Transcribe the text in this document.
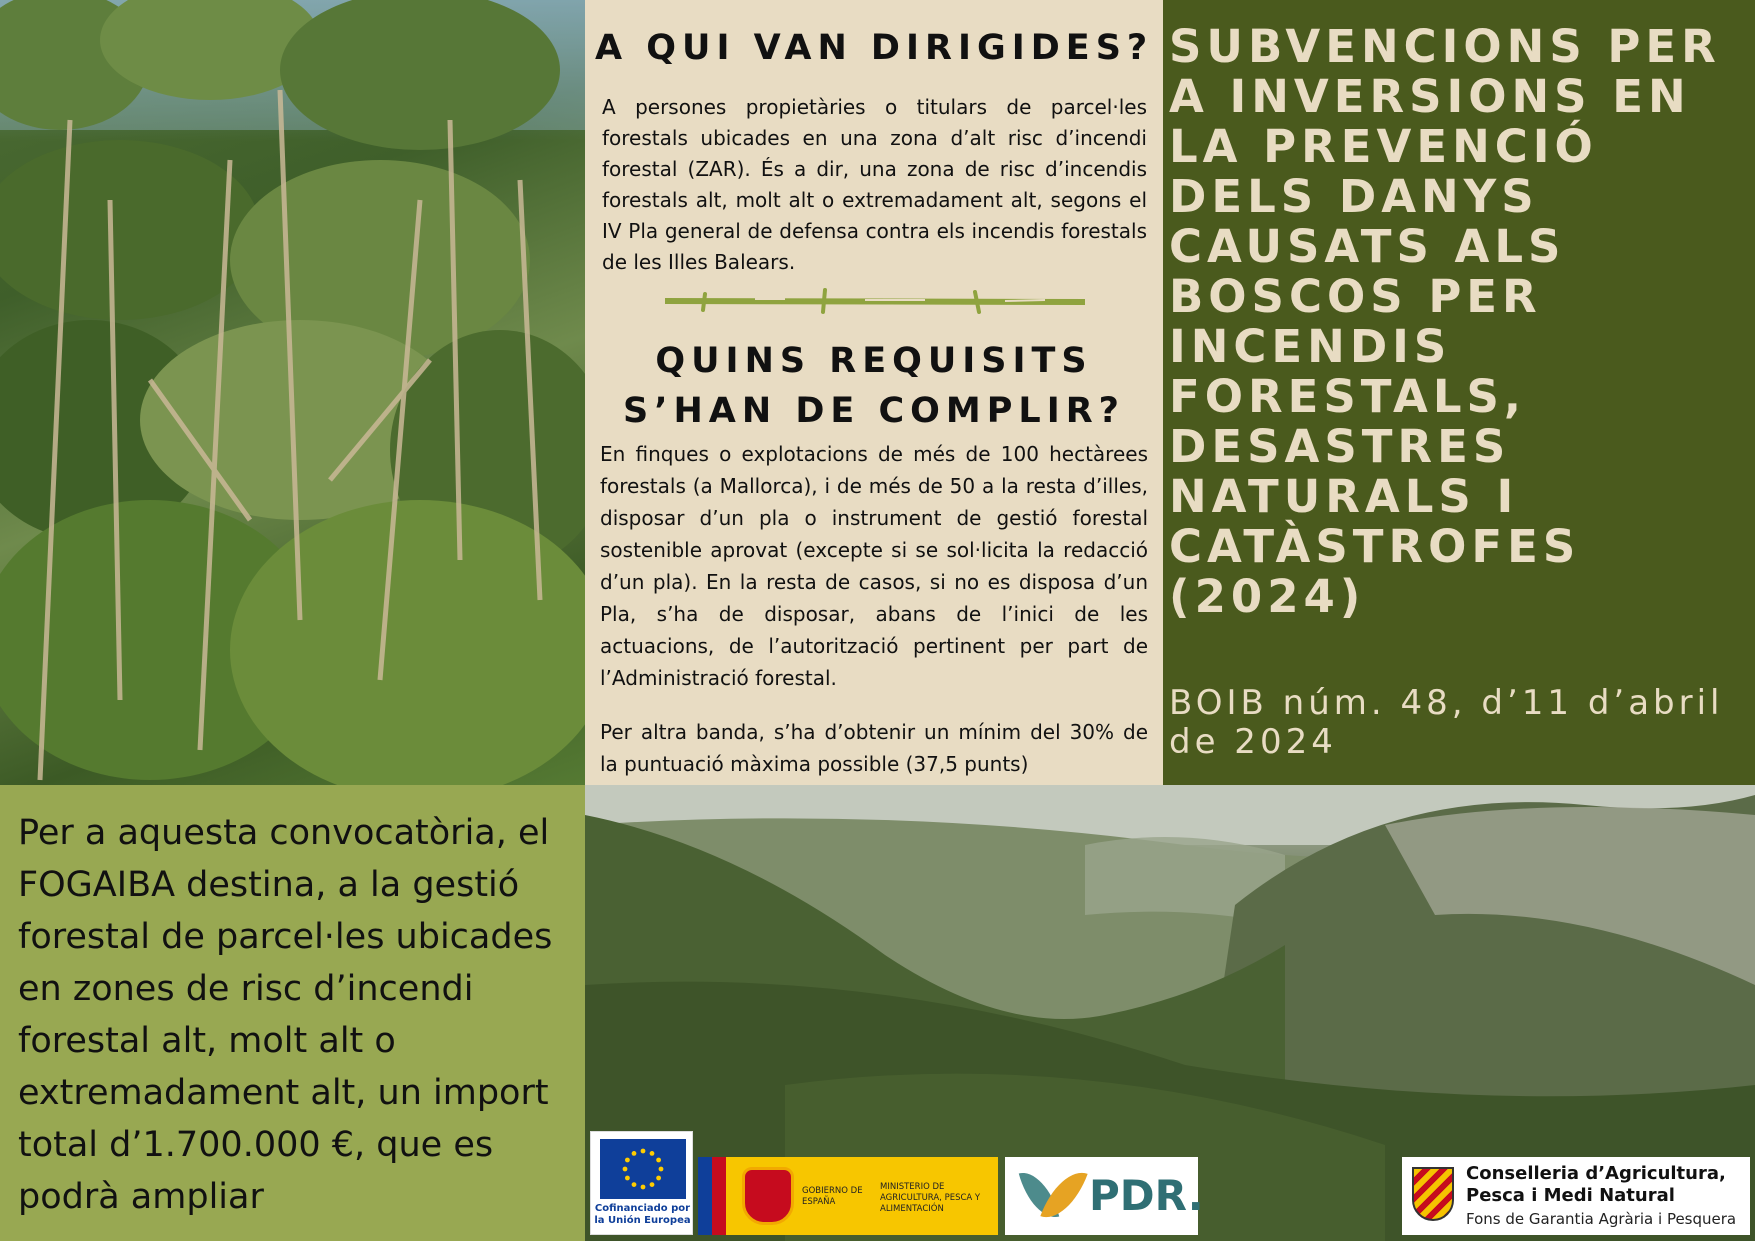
A QUI VAN DIRIGIDES?

A persones propietàries o titulars de parcel·les forestals ubicades en una zona d’alt risc d’incendi forestal (ZAR). És a dir, una zona de risc d’incendis forestals alt, molt alt o extremadament alt, segons el IV Pla general de defensa contra els incendis forestals de les Illes Balears.

QUINS REQUISITS
S’HAN DE COMPLIR?

En finques o explotacions de més de 100 hectàrees forestals (a Mallorca), i de més de 50 a la resta d’illes, disposar d’un pla o instrument de gestió forestal sostenible aprovat (excepte si se sol·licita la redacció d’un pla). En la resta de casos, si no es disposa d’un Pla, s’ha de disposar, abans de l’inici de les actuacions, de l’autorització pertinent per part de l’Administració forestal.

Per altra banda, s’ha d’obtenir un mínim del 30% de la puntuació màxima possible (37,5 punts)

SUBVENCIONS PER A INVERSIONS EN LA PREVENCIÓ DELS DANYS CAUSATS ALS BOSCOS PER INCENDIS FORESTALS, DESASTRES NATURALS I CATÀSTROFES (2024)

BOIB núm. 48, d’11 d’abril de 2024

Per a aquesta convocatòria, el FOGAIBA destina, a la gestió forestal de parcel·les ubicades en zones de risc d’incendi forestal alt, molt alt o extremadament alt, un import total d’1.700.000 €, que es podrà ampliar	Cofinanciado por la Unión Europea
GOBIERNO DE ESPAÑA
MINISTERIO DE AGRICULTURA, PESCA Y ALIMENTACIÓN	PDR.	Conselleria d’Agricultura,
Pesca i Medi Natural
Fons de Garantia Agrària i Pesquera
